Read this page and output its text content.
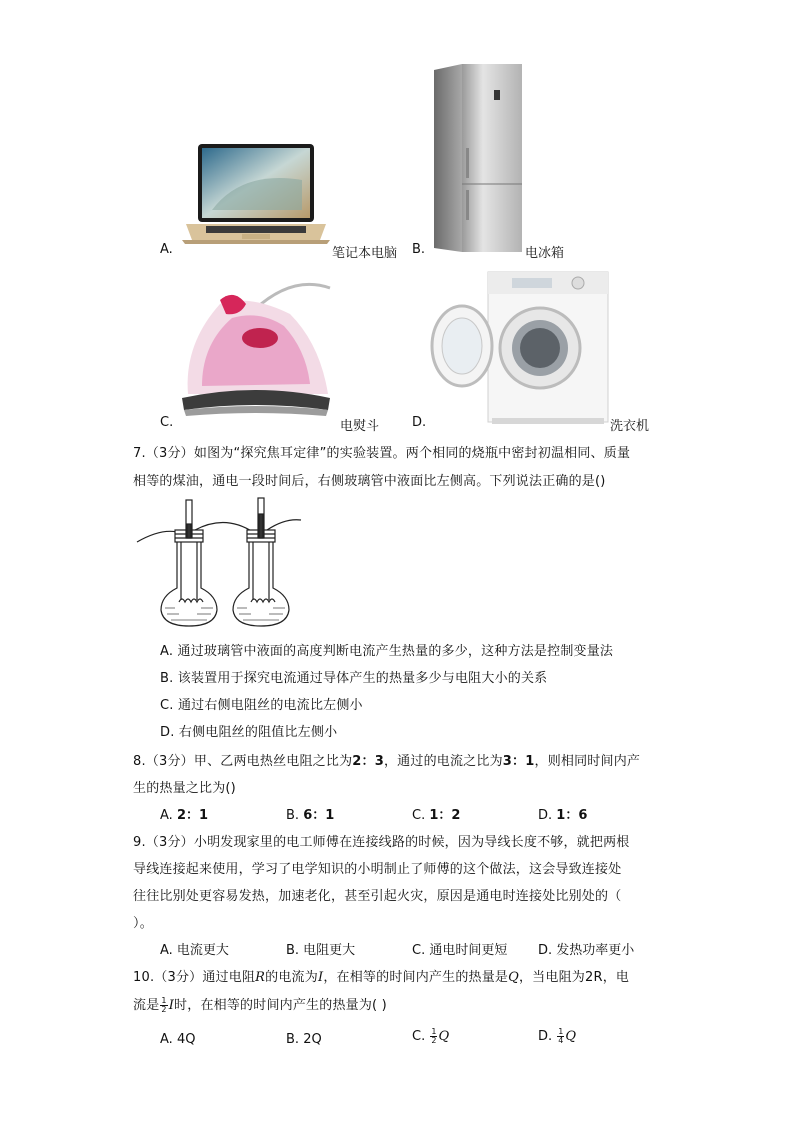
A.	笔记本电脑 B.	电冰箱
C.	电熨斗	D.	洗衣机
7.（3分）如图为“探究焦耳定律”的实验装置。两个相同的烧瓶中密封初温相同、质量
相等的煤油，通电一段时间后，右侧玻璃管中液面比左侧高。下列说法正确的是()
A. 通过玻璃管中液面的高度判断电流产生热量的多少，这种方法是控制变量法
B. 该装置用于探究电流通过导体产生的热量多少与电阻大小的关系
C. 通过右侧电阻丝的电流比左侧小
D. 右侧电阻丝的阻值比左侧小
8.（3分）甲、乙两电热丝电阻之比为2：3，通过的电流之比为3：1，则相同时间内产
生的热量之比为()
A. 2：1	B. 6：1	C. 1：2	D. 1：6
9.（3分）小明发现家里的电工师傅在连接线路的时候，因为导线长度不够，就把两根
导线连接起来使用，学习了电学知识的小明制止了师傅的这个做法，这会导致连接处
往往比别处更容易发热，加速老化，甚至引起火灾，原因是通电时连接处比别处的（
）。
A. 电流更大	B. 电阻更大	C. 通电时间更短 D. 发热功率更小
10.（3分）通过电阻R的电流为I，在相等的时间内产生的热量是Q，当电阻为2R，电
流是 $\frac{1}{2}$ I时，在相等的时间内产生的热量为( )
A. 4Q	B. 2Q	C. $\frac{1}{2}$ Q	D. $\frac{1}{4}$ Q
